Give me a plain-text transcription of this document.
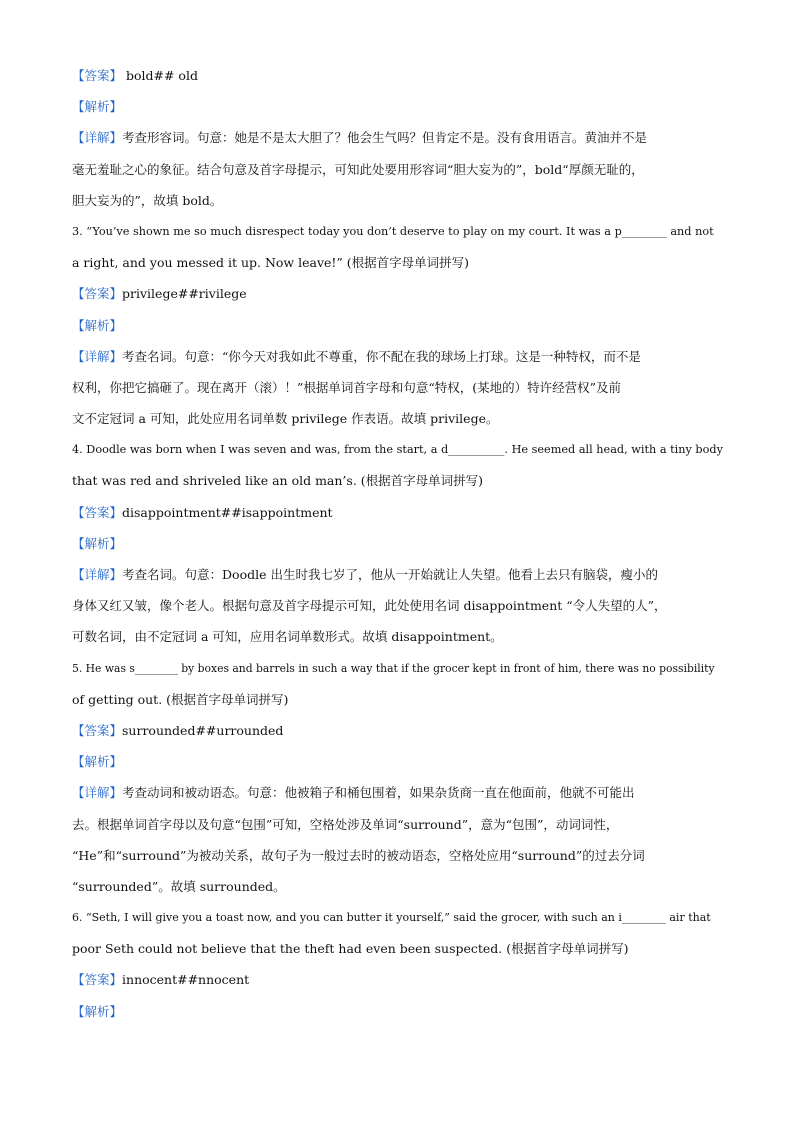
【答案】 bold## old
【解析】
【详解】考查形容词。句意：她是不是太大胆了？他会生气吗？但肯定不是。没有食用语言。黄油并不是
毫无羞耻之心的象征。结合句意及首字母提示，可知此处要用形容词“胆大妄为的”，bold“厚颜无耻的，
胆大妄为的”，故填 bold。
3. “You’ve shown me so much disrespect today you don’t deserve to play on my court. It was a p________ and not
a right, and you messed it up. Now leave!” (根据首字母单词拼写)
【答案】privilege##rivilege
【解析】
【详解】考查名词。句意：“你今天对我如此不尊重，你不配在我的球场上打球。这是一种特权，而不是
权利，你把它搞砸了。现在离开（滚）！”根据单词首字母和句意“特权，(某地的）特许经营权”及前
文不定冠词 a 可知，此处应用名词单数 privilege 作表语。故填 privilege。
4. Doodle was born when I was seven and was, from the start, a d__________. He seemed all head, with a tiny body
that was red and shriveled like an old man’s. (根据首字母单词拼写)
【答案】disappointment##isappointment
【解析】
【详解】考查名词。句意：Doodle 出生时我七岁了，他从一开始就让人失望。他看上去只有脑袋，瘦小的
身体又红又皱，像个老人。根据句意及首字母提示可知，此处使用名词 disappointment “令人失望的人”，
可数名词，由不定冠词 a 可知，应用名词单数形式。故填 disappointment。
5. He was s________ by boxes and barrels in such a way that if the grocer kept in front of him, there was no possibility
of getting out. (根据首字母单词拼写)
【答案】surrounded##urrounded
【解析】
【详解】考查动词和被动语态。句意：他被箱子和桶包围着，如果杂货商一直在他面前，他就不可能出
去。根据单词首字母以及句意“包围”可知，空格处涉及单词“surround”，意为“包围”，动词词性，
“He”和“surround”为被动关系，故句子为一般过去时的被动语态，空格处应用“surround”的过去分词
“surrounded”。故填 surrounded。
6. “Seth, I will give you a toast now, and you can butter it yourself,” said the grocer, with such an i________ air that
poor Seth could not believe that the theft had even been suspected. (根据首字母单词拼写)
【答案】innocent##nnocent
【解析】
